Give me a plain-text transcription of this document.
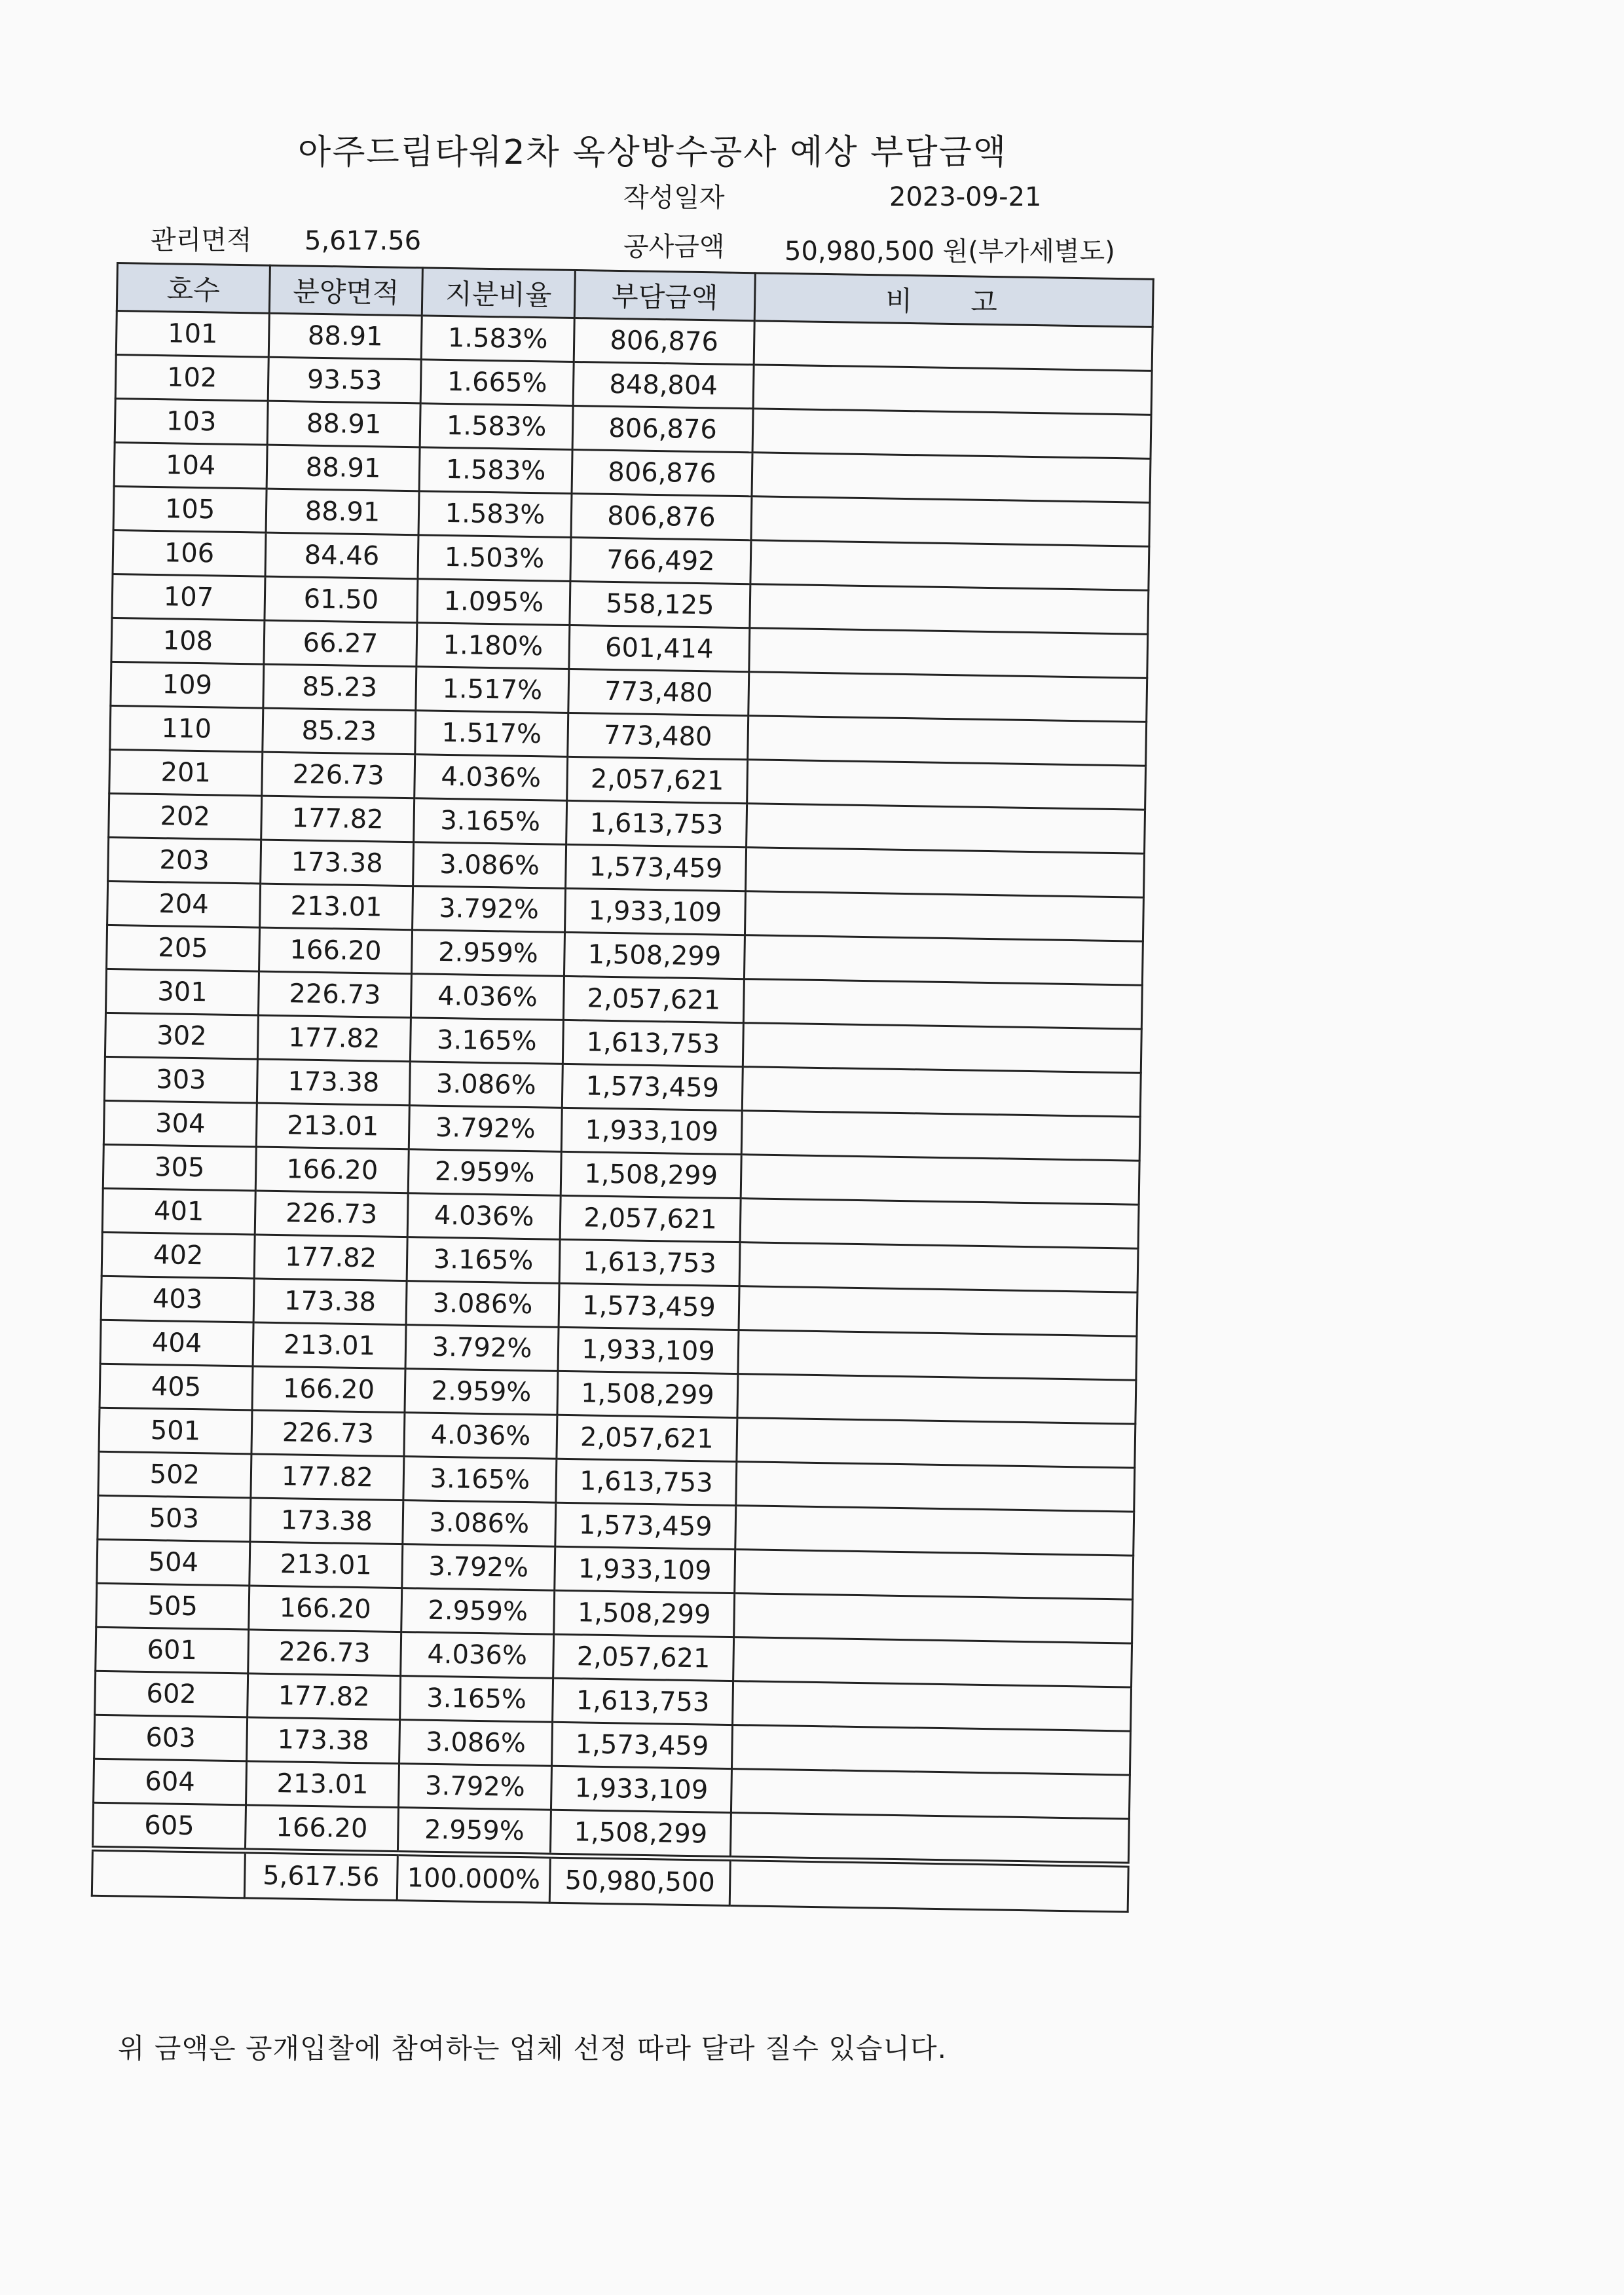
아주드림타워2차 옥상방수공사 예상 부담금액
작성일자	2023-09-21
관리면적 5,617.56	공사금액 50,980,500 원(부가세별도)
호수	분양면적	지분비율	부담금액	비 고
101	88.91	1.583%	806,876	
102	93.53	1.665%	848,804	
103	88.91	1.583%	806,876	
104	88.91	1.583%	806,876	
105	88.91	1.583%	806,876	
106	84.46	1.503%	766,492	
107	61.50	1.095%	558,125	
108	66.27	1.180%	601,414	
109	85.23	1.517%	773,480	
110	85.23	1.517%	773,480	
201	226.73	4.036%	2,057,621	
202	177.82	3.165%	1,613,753	
203	173.38	3.086%	1,573,459	
204	213.01	3.792%	1,933,109	
205	166.20	2.959%	1,508,299	
301	226.73	4.036%	2,057,621	
302	177.82	3.165%	1,613,753	
303	173.38	3.086%	1,573,459	
304	213.01	3.792%	1,933,109	
305	166.20	2.959%	1,508,299	
401	226.73	4.036%	2,057,621	
402	177.82	3.165%	1,613,753	
403	173.38	3.086%	1,573,459	
404	213.01	3.792%	1,933,109	
405	166.20	2.959%	1,508,299	
501	226.73	4.036%	2,057,621	
502	177.82	3.165%	1,613,753	
503	173.38	3.086%	1,573,459	
504	213.01	3.792%	1,933,109	
505	166.20	2.959%	1,508,299	
601	226.73	4.036%	2,057,621	
602	177.82	3.165%	1,613,753	
603	173.38	3.086%	1,573,459	
604	213.01	3.792%	1,933,109	
605	166.20	2.959%	1,508,299	
	5,617.56	100.000%	50,980,500	
위 금액은 공개입찰에 참여하는 업체 선정 따라 달라 질수 있습니다.
